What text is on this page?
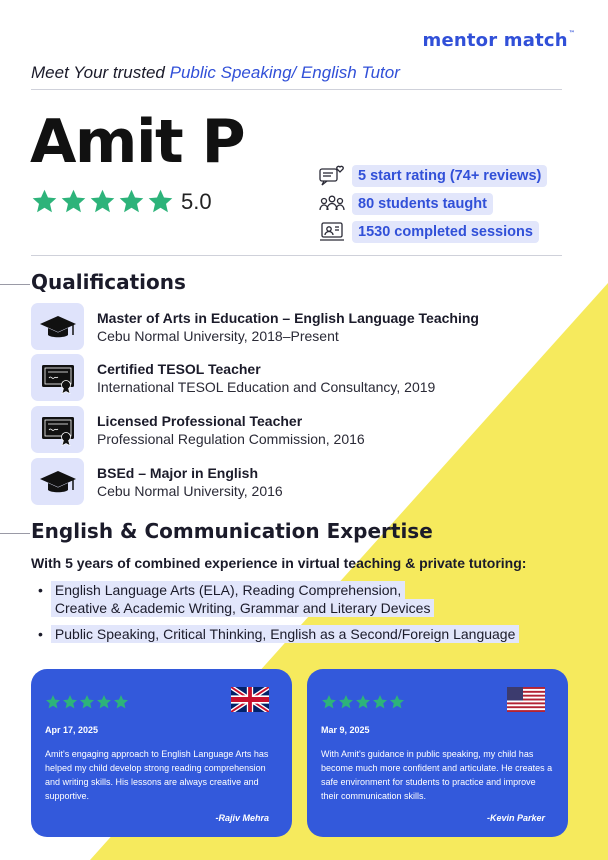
mentor match™
Meet Your trusted Public Speaking/ English Tutor
Amit P
5.0
5 start rating (74+ reviews)
80 students taught
1530 completed sessions
Qualifications
Master of Arts in Education – English Language Teaching
Cebu Normal University, 2018–Present
Certified TESOL Teacher
International TESOL Education and Consultancy, 2019
Licensed Professional Teacher
Professional Regulation Commission, 2016
BSEd – Major in English
Cebu Normal University, 2016
English & Communication Expertise
With 5 years of combined experience in virtual teaching & private tutoring:
• English Language Arts (ELA), Reading Comprehension,
Creative & Academic Writing, Grammar and Literary Devices
• Public Speaking, Critical Thinking, English as a Second/Foreign Language
Apr 17, 2025
Amit's engaging approach to English Language Arts has helped my child develop strong reading comprehension and writing skills. His lessons are always creative and supportive.
-Rajiv Mehra
Mar 9, 2025
With Amit's guidance in public speaking, my child has become much more confident and articulate. He creates a safe environment for students to practice and improve their communication skills.
-Kevin Parker
